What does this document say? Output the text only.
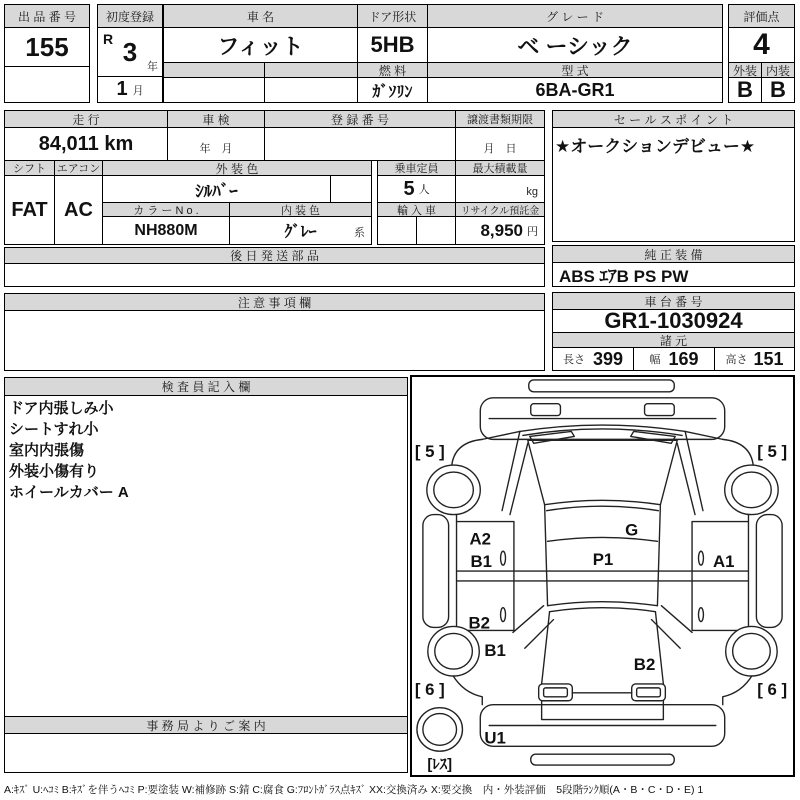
出 品 番 号
155
初度登録
R 3
年
1 月
車 名
フィット
ドア形状
5HB
燃 料
ｶﾞｿﾘﾝ
グ レ ー ド
ベ ーシック
型 式
6BA-GR1
評価点
4
外装 内装
B B
走 行
84,011 km
車 検
年　月
登 録 番 号	譲渡書類期限
月　日
シフト
FAT
エアコン
AC
外 装 色
ｼﾙﾊﾞｰ
カ ラ ー N o .	内 装 色
NH880M	ｸﾞﾚｰ	系
乗車定員
5 人
輸 入 車
最大積載量
kg
リサイクル預託金
8,950 円
後 日 発 送 部 品
注 意 事 項 欄
セ ー ル ス ポ イ ン ト
★オークションデビュー★
純 正 装 備
ABS ｴｱB PS PW
車 台 番 号
GR1-1030924
諸 元
長さ 399 幅 169 高さ 151
検 査 員 記 入 欄
ドア内張しみ小
シートすれ小
室内内張傷
外装小傷有り
ホイールカバー A
事 務 局 よ り ご 案 内
[ 5 ]	[ 5 ]
A2
B1
G
P1	A1
B2
B1
B2
[ 6 ]	[ 6 ]
U1
[ﾚｽ]
A:ｷｽﾞ U:ﾍｺﾐ B:ｷｽﾞを伴うﾍｺﾐ P:要塗装 W:補修跡 S:錆 C:腐食 G:ﾌﾛﾝﾄｶﾞﾗｽ点ｷｽﾞ XX:交換済み X:要交換　内・外装評価　5段階ﾗﾝｸ順(A・B・C・D・E) 1
